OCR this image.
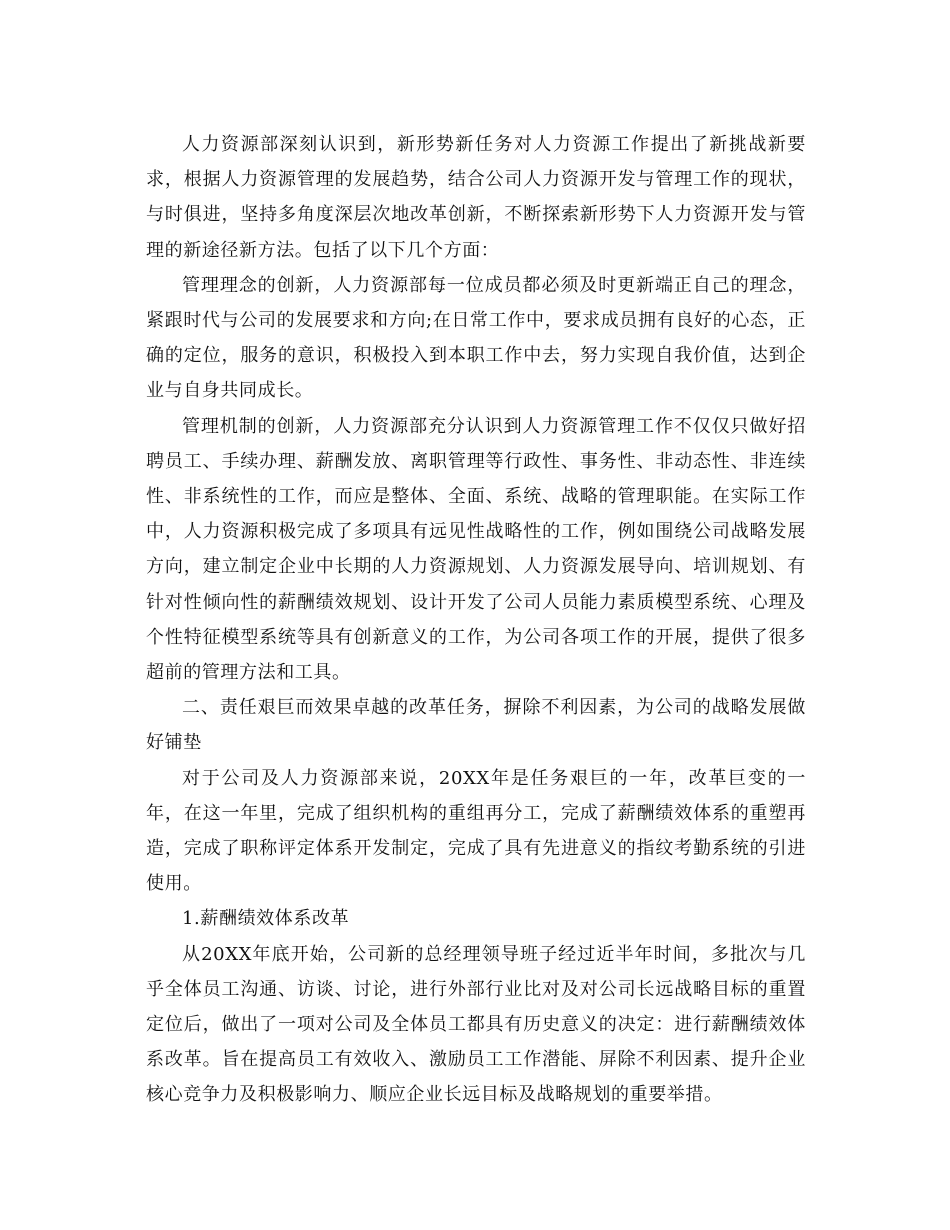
人力资源部深刻认识到，新形势新任务对人力资源工作提出了新挑战新要求，根据人力资源管理的发展趋势，结合公司人力资源开发与管理工作的现状，与时俱进，坚持多角度深层次地改革创新，不断探索新形势下人力资源开发与管理的新途径新方法。包括了以下几个方面：

管理理念的创新，人力资源部每一位成员都必须及时更新端正自己的理念，紧跟时代与公司的发展要求和方向;在日常工作中，要求成员拥有良好的心态，正确的定位，服务的意识，积极投入到本职工作中去，努力实现自我价值，达到企业与自身共同成长。

管理机制的创新，人力资源部充分认识到人力资源管理工作不仅仅只做好招聘员工、手续办理、薪酬发放、离职管理等行政性、事务性、非动态性、非连续性、非系统性的工作，而应是整体、全面、系统、战略的管理职能。在实际工作中，人力资源积极完成了多项具有远见性战略性的工作，例如围绕公司战略发展方向，建立制定企业中长期的人力资源规划、人力资源发展导向、培训规划、有针对性倾向性的薪酬绩效规划、设计开发了公司人员能力素质模型系统、心理及个性特征模型系统等具有创新意义的工作，为公司各项工作的开展，提供了很多超前的管理方法和工具。

二、责任艰巨而效果卓越的改革任务，摒除不利因素，为公司的战略发展做好铺垫

对于公司及人力资源部来说，20XX年是任务艰巨的一年，改革巨变的一年，在这一年里，完成了组织机构的重组再分工，完成了薪酬绩效体系的重塑再造，完成了职称评定体系开发制定，完成了具有先进意义的指纹考勤系统的引进使用。

1.薪酬绩效体系改革

从20XX年底开始，公司新的总经理领导班子经过近半年时间，多批次与几乎全体员工沟通、访谈、讨论，进行外部行业比对及对公司长远战略目标的重置定位后，做出了一项对公司及全体员工都具有历史意义的决定：进行薪酬绩效体系改革。旨在提高员工有效收入、激励员工工作潜能、屏除不利因素、提升企业核心竞争力及积极影响力、顺应企业长远目标及战略规划的重要举措。
